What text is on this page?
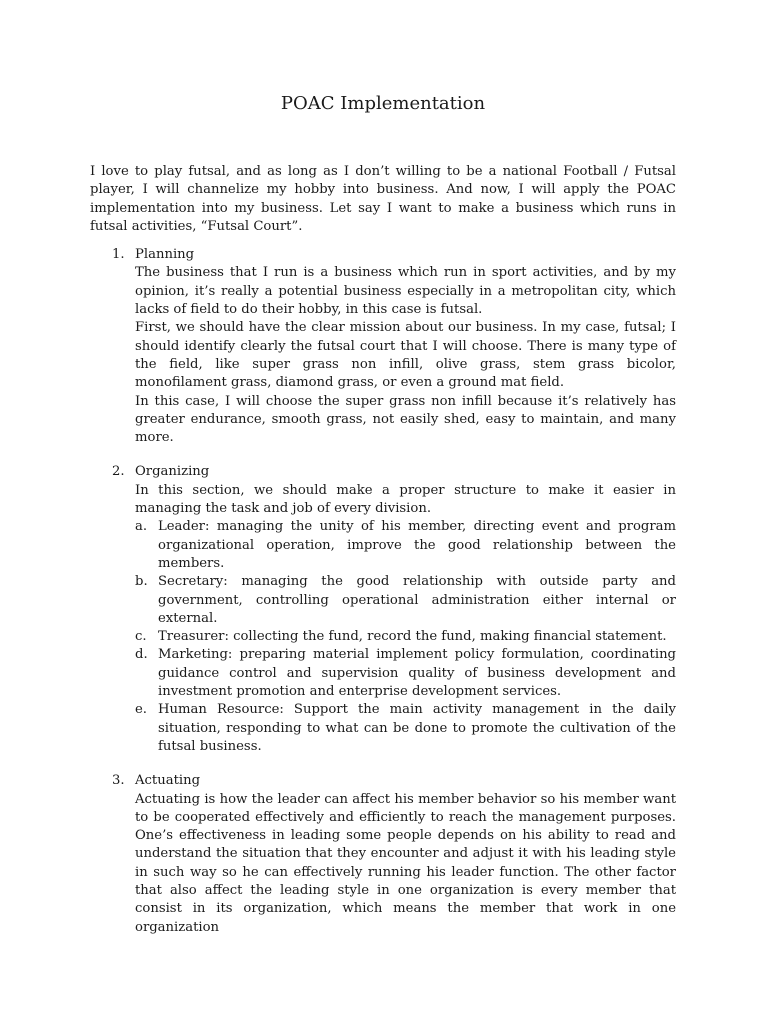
POAC Implementation

I love to play futsal, and as long as I don’t willing to be a national Football / Futsal player, I will channelize my hobby into business. And now, I will apply the POAC implementation into my business. Let say I want to make a business which runs in futsal activities, “Futsal Court”.

1. Planning

The business that I run is a business which run in sport activities, and by my opinion, it’s really a potential business especially in a metropolitan city, which lacks of field to do their hobby, in this case is futsal.

First, we should have the clear mission about our business. In my case, futsal; I should identify clearly the futsal court that I will choose. There is many type of the field, like super grass non infill, olive grass, stem grass bicolor, monofilament grass, diamond grass, or even a ground mat field.

In this case, I will choose the super grass non infill because it’s relatively has greater endurance, smooth grass, not easily shed, easy to maintain, and many more.

2. Organizing

In this section, we should make a proper structure to make it easier in managing the task and job of every division.

a. Leader: managing the unity of his member, directing event and program organizational operation, improve the good relationship between the members.

b. Secretary: managing the good relationship with outside party and government, controlling operational administration either internal or external.

c. Treasurer: collecting the fund, record the fund, making financial statement.

d. Marketing: preparing material implement policy formulation, coordinating guidance control and supervision quality of business development and investment promotion and enterprise development services.

e. Human Resource: Support the main activity management in the daily situation, responding to what can be done to promote the cultivation of the futsal business.

3. Actuating

Actuating is how the leader can affect his member behavior so his member want to be cooperated effectively and efficiently to reach the management purposes. One’s effectiveness in leading some people depends on his ability to read and understand the situation that they encounter and adjust it with his leading style in such way so he can effectively running his leader function. The other factor that also affect the leading style in one organization is every member that consist in its organization, which means the member that work in one organization
